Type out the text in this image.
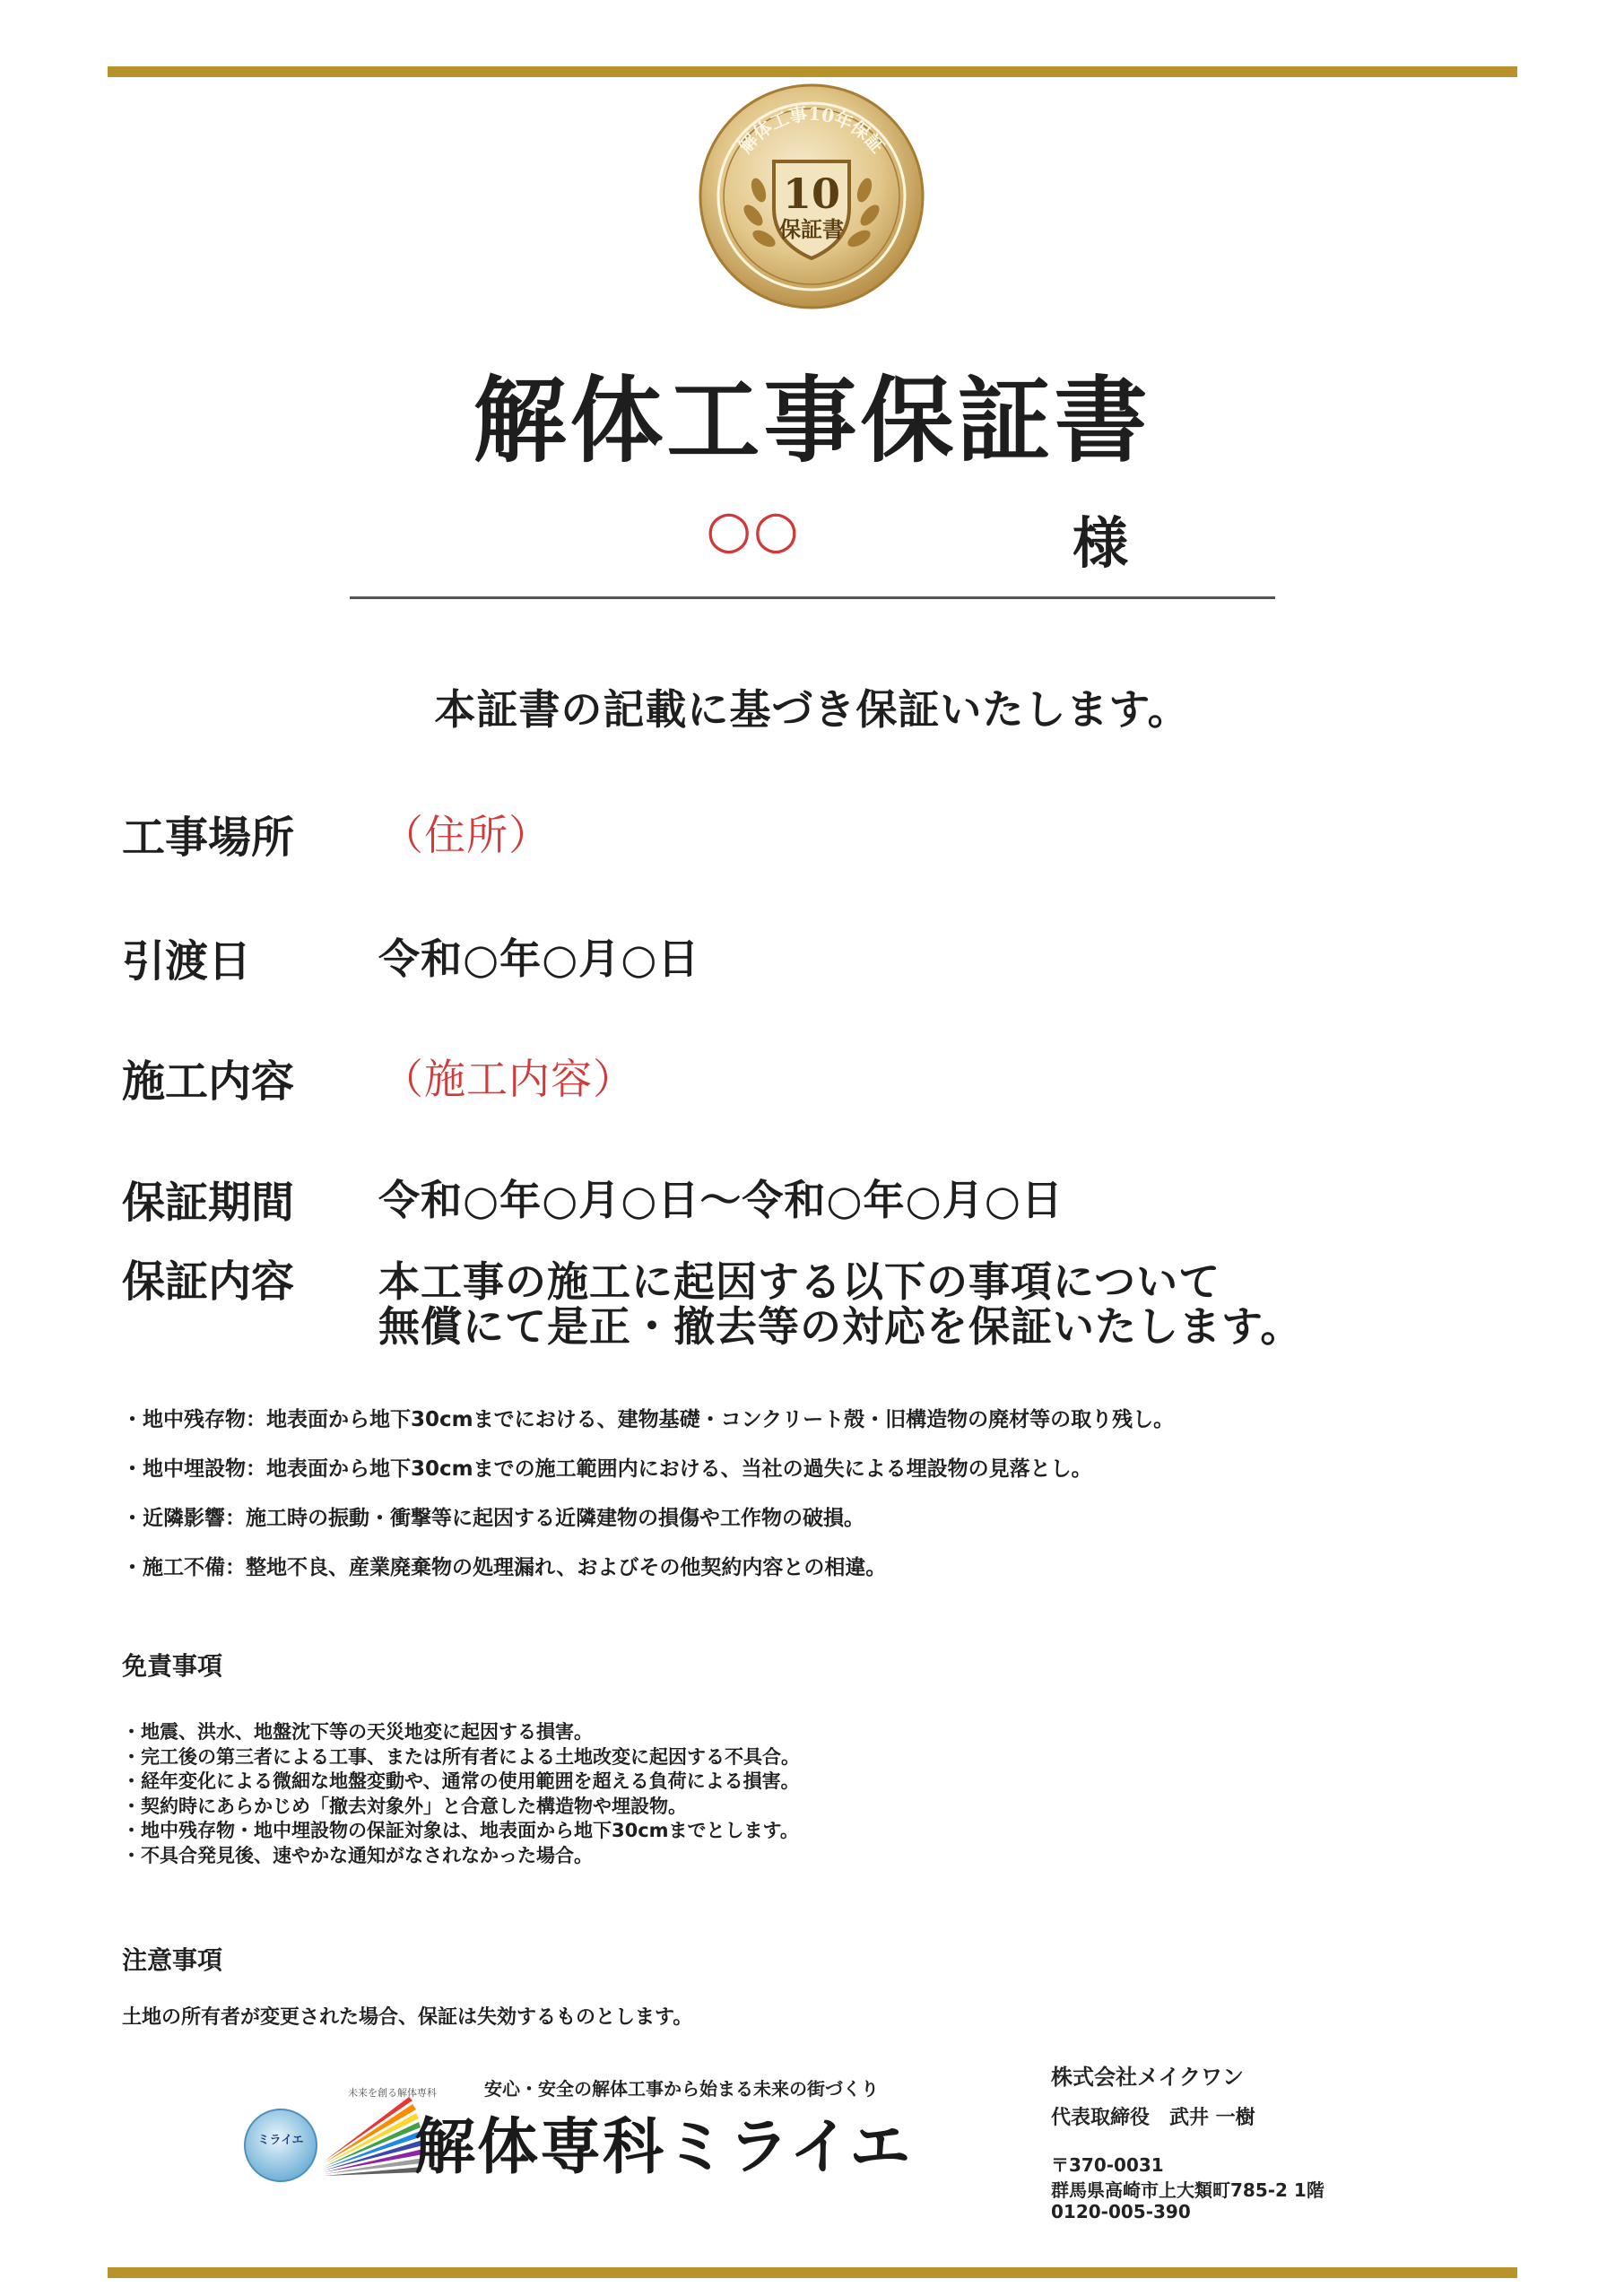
解体工事10年保証
10
保証書
解体工事保証書
○○	様
本証書の記載に基づき保証いたします。
工事場所 （住所）
引渡日	令和○年○月○日
施工内容 （施工内容）
保証期間 令和○年○月○日～令和○年○月○日
保証内容 本工事の施工に起因する以下の事項について
無償にて是正・撤去等の対応を保証いたします。
・地中残存物：地表面から地下30cmまでにおける、建物基礎・コンクリート殻・旧構造物の廃材等の取り残し。
・地中埋設物：地表面から地下30cmまでの施工範囲内における、当社の過失による埋設物の見落とし。
・近隣影響：施工時の振動・衝撃等に起因する近隣建物の損傷や工作物の破損。
・施工不備：整地不良、産業廃棄物の処理漏れ、およびその他契約内容との相違。
免責事項
・地震、洪水、地盤沈下等の天災地変に起因する損害。
・完工後の第三者による工事、または所有者による土地改変に起因する不具合。
・経年変化による微細な地盤変動や、通常の使用範囲を超える負荷による損害。
・契約時にあらかじめ「撤去対象外」と合意した構造物や埋設物。
・地中残存物・地中埋設物の保証対象は、地表面から地下30cmまでとします。
・不具合発見後、速やかな通知がなされなかった場合。
注意事項
土地の所有者が変更された場合、保証は失効するものとします。
ミライエ
未来を創る解体専科	安心・安全の解体工事から始まる未来の街づくり
解体専科ミライエ
株式会社メイクワン
代表取締役　武井 一樹
〒370-0031
群馬県高崎市上大類町785-2 1階
0120-005-390
